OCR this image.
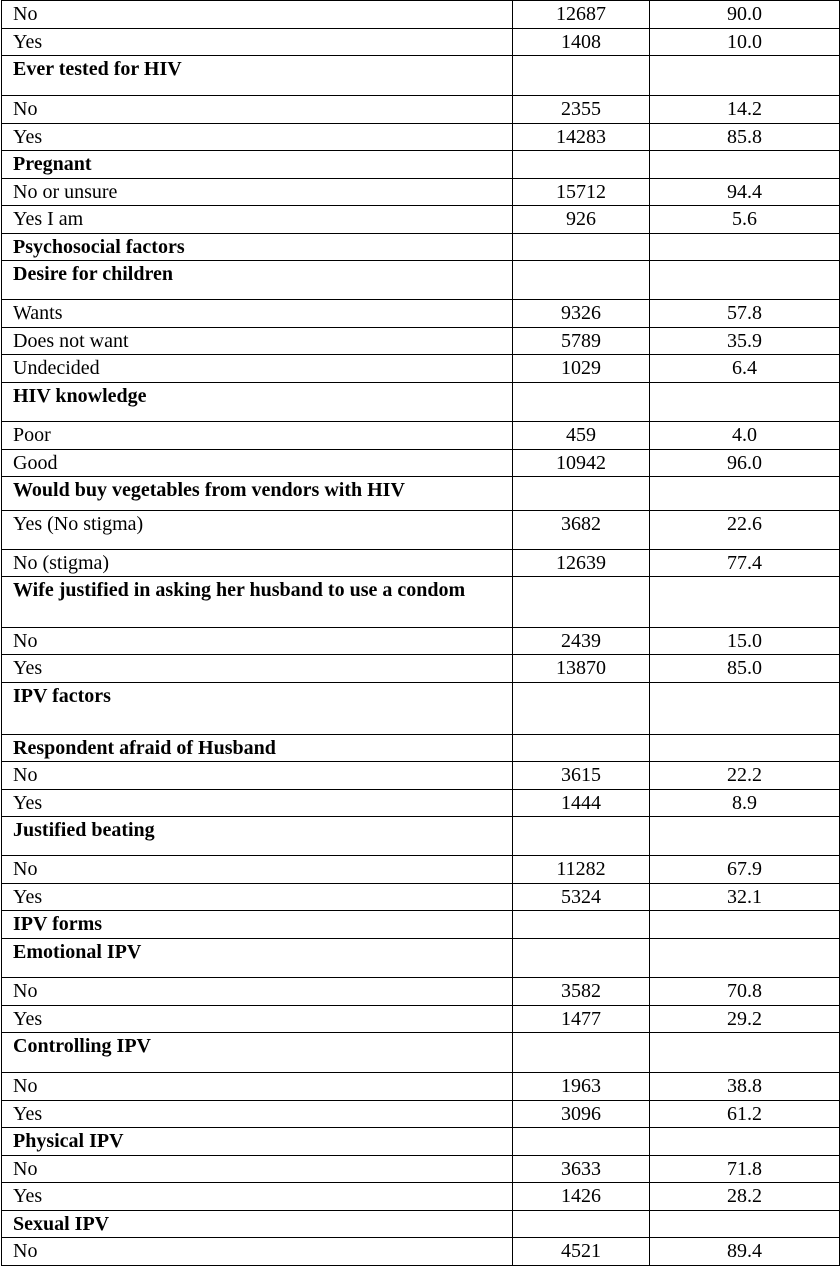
No	12687	90.0
Yes	1408	10.0
Ever tested for HIV		
No	2355	14.2
Yes	14283	85.8
Pregnant		
No or unsure	15712	94.4
Yes I am	926	5.6
Psychosocial factors		
Desire for children		
Wants	9326	57.8
Does not want	5789	35.9
Undecided	1029	6.4
HIV knowledge		
Poor	459	4.0
Good	10942	96.0
Would buy vegetables from vendors with HIV		
Yes (No stigma)	3682	22.6
No (stigma)	12639	77.4
Wife justified in asking her husband to use a condom		
No	2439	15.0
Yes	13870	85.0
IPV factors		
Respondent afraid of Husband		
No	3615	22.2
Yes	1444	8.9
Justified beating		
No	11282	67.9
Yes	5324	32.1
IPV forms		
Emotional IPV		
No	3582	70.8
Yes	1477	29.2
Controlling IPV		
No	1963	38.8
Yes	3096	61.2
Physical IPV		
No	3633	71.8
Yes	1426	28.2
Sexual IPV		
No	4521	89.4
